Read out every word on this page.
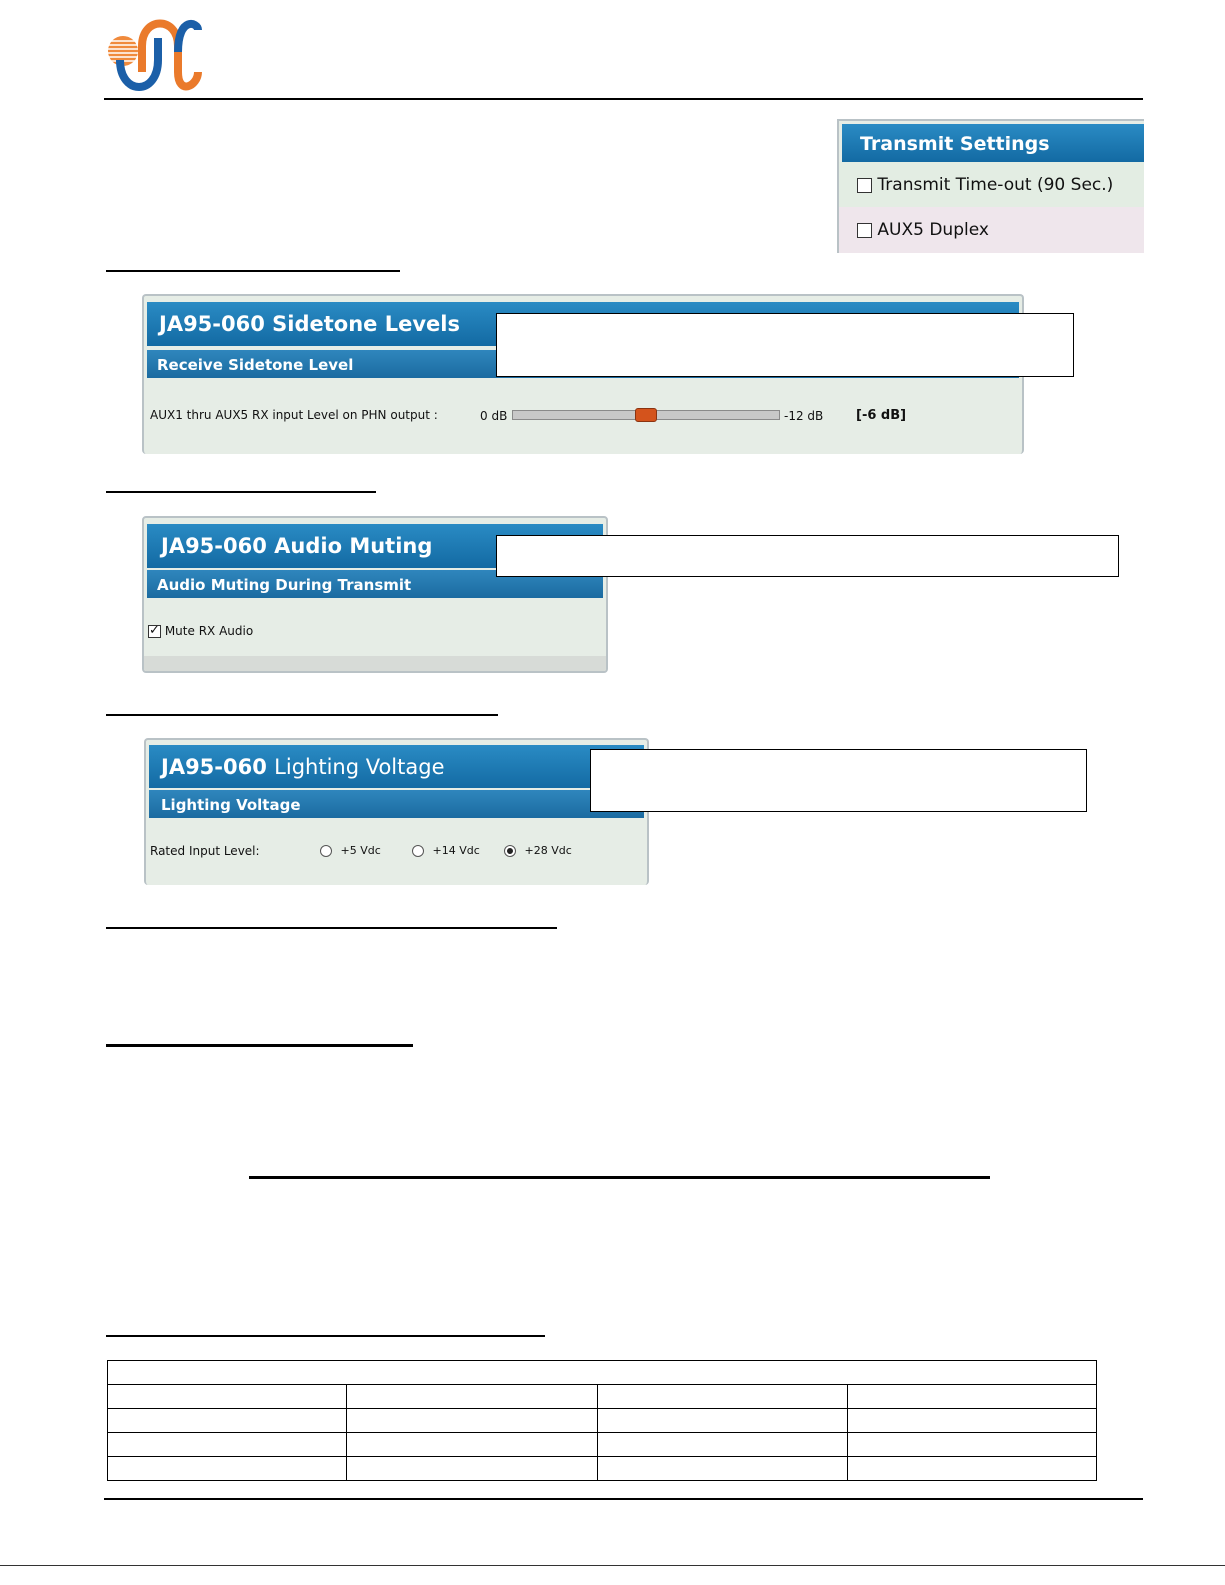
Transmit Settings
Transmit Time-out (90 Sec.)
AUX5 Duplex
JA95-060 Sidetone Levels
Receive Sidetone Level
AUX1 thru AUX5 RX input Level on PHN output :	0 dB	-12 dB	[-6 dB]
JA95-060 Audio Muting
Audio Muting During Transmit
✓ Mute RX Audio
JA95-060 Lighting Voltage
Lighting Voltage
Rated Input Level:	+5 Vdc	+14 Vdc	+28 Vdc
